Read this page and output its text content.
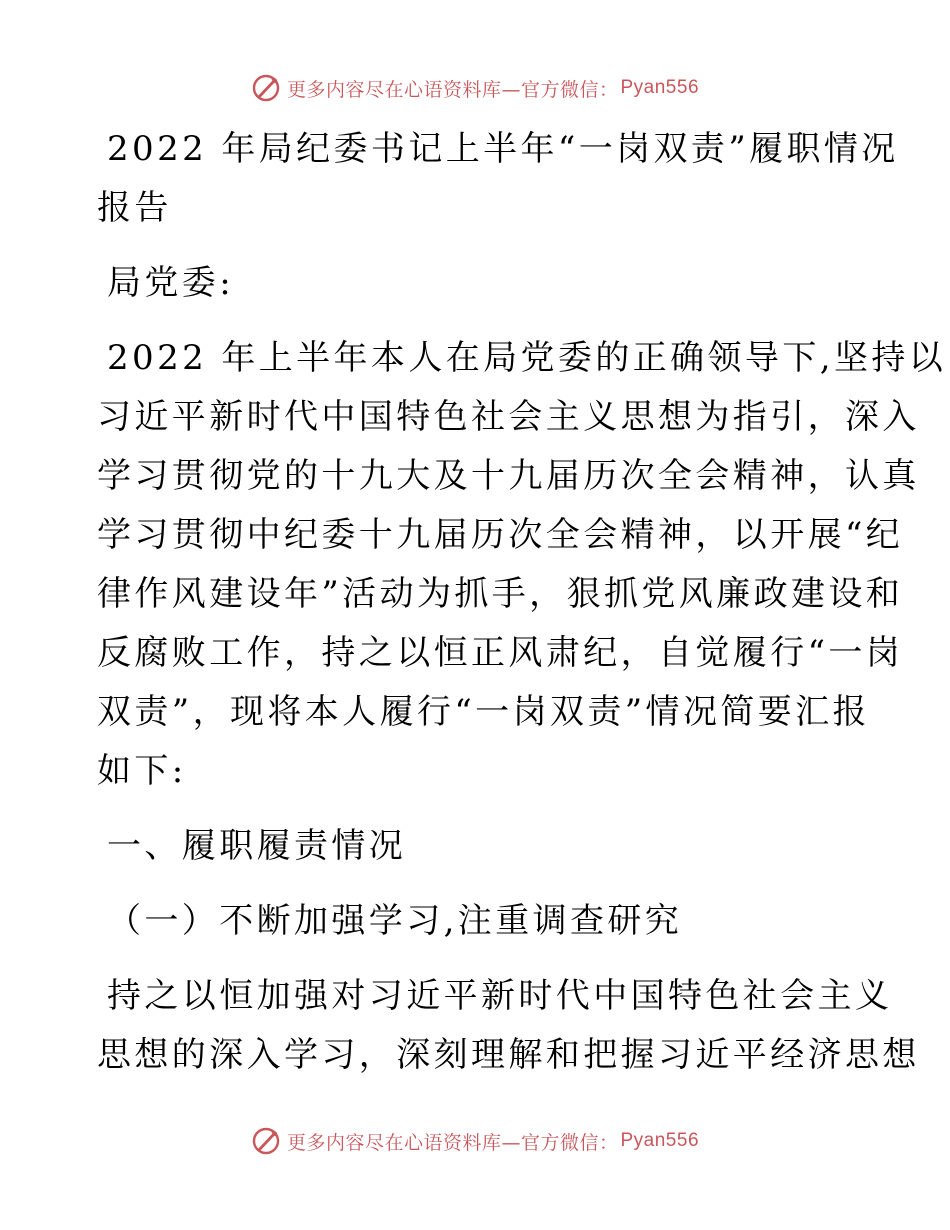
更多内容尽在心语资料库—官方微信： Pyan556
2022 年局纪委书记上半年“一岗双责”履职情况
报告
局党委:
2022 年上半年本人在局党委的正确领导下,坚持以
习近平新时代中国特色社会主义思想为指引，深入
学习贯彻党的十九大及十九届历次全会精神，认真
学习贯彻中纪委十九届历次全会精神，以开展“纪
律作风建设年”活动为抓手，狠抓党风廉政建设和
反腐败工作，持之以恒正风肃纪，自觉履行“一岗
双责”，现将本人履行“一岗双责”情况简要汇报
如下:
一、履职履责情况
（一）不断加强学习,注重调查研究
持之以恒加强对习近平新时代中国特色社会主义
思想的深入学习，深刻理解和把握习近平经济思想
更多内容尽在心语资料库—官方微信： Pyan556
